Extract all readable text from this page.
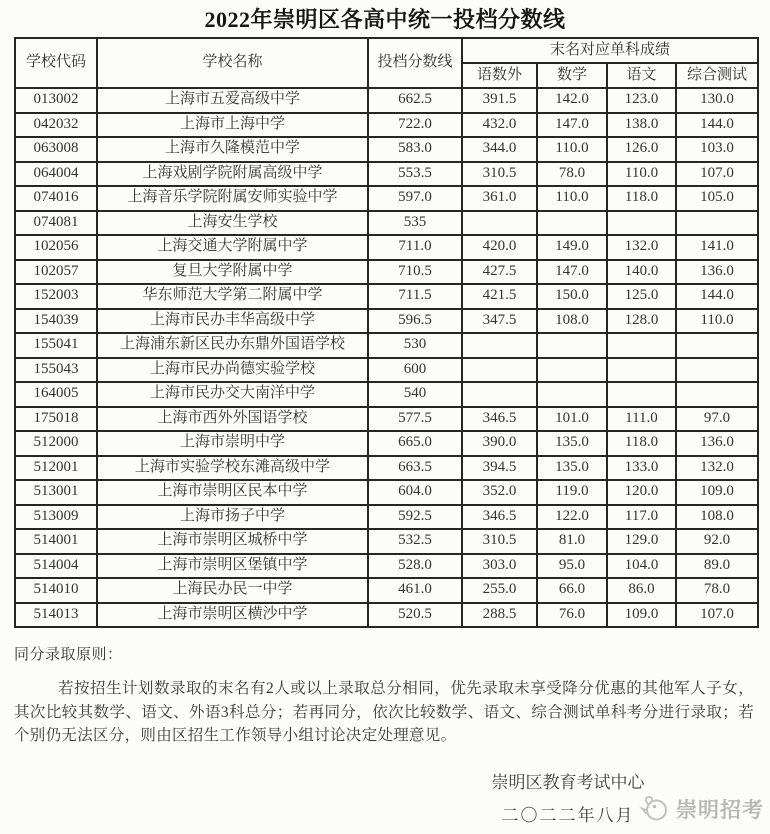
2022年崇明区各高中统一投档分数线
学校代码	学校名称	投档分数线	末名对应单科成绩			
			语数外	数学	语文	综合测试
013002	上海市五爱高级中学	662.5	391.5	142.0	123.0	130.0
042032	上海市上海中学	722.0	432.0	147.0	138.0	144.0
063008	上海市久隆模范中学	583.0	344.0	110.0	126.0	103.0
064004	上海戏剧学院附属高级中学	553.5	310.5	78.0	110.0	107.0
074016	上海音乐学院附属安师实验中学	597.0	361.0	110.0	118.0	105.0
074081	上海安生学校	535				
102056	上海交通大学附属中学	711.0	420.0	149.0	132.0	141.0
102057	复旦大学附属中学	710.5	427.5	147.0	140.0	136.0
152003	华东师范大学第二附属中学	711.5	421.5	150.0	125.0	144.0
154039	上海市民办丰华高级中学	596.5	347.5	108.0	128.0	110.0
155041	上海浦东新区民办东鼎外国语学校	530				
155043	上海市民办尚德实验学校	600				
164005	上海市民办交大南洋中学	540				
175018	上海市西外外国语学校	577.5	346.5	101.0	111.0	97.0
512000	上海市崇明中学	665.0	390.0	135.0	118.0	136.0
512001	上海市实验学校东滩高级中学	663.5	394.5	135.0	133.0	132.0
513001	上海市崇明区民本中学	604.0	352.0	119.0	120.0	109.0
513009	上海市扬子中学	592.5	346.5	122.0	117.0	108.0
514001	上海市崇明区城桥中学	532.5	310.5	81.0	129.0	92.0
514004	上海市崇明区堡镇中学	528.0	303.0	95.0	104.0	89.0
514010	上海民办民一中学	461.0	255.0	66.0	86.0	78.0
514013	上海市崇明区横沙中学	520.5	288.5	76.0	109.0	107.0
同分录取原则：
若按招生计划数录取的末名有2人或以上录取总分相同，优先录取未享受降分优惠的其他军人子女，其次比较其数学、语文、外语3科总分；若再同分，依次比较数学、语文、综合测试单科考分进行录取；若个别仍无法区分，则由区招生工作领导小组讨论决定处理意见。
崇明区教育考试中心
二〇二二年八月	崇明招考
